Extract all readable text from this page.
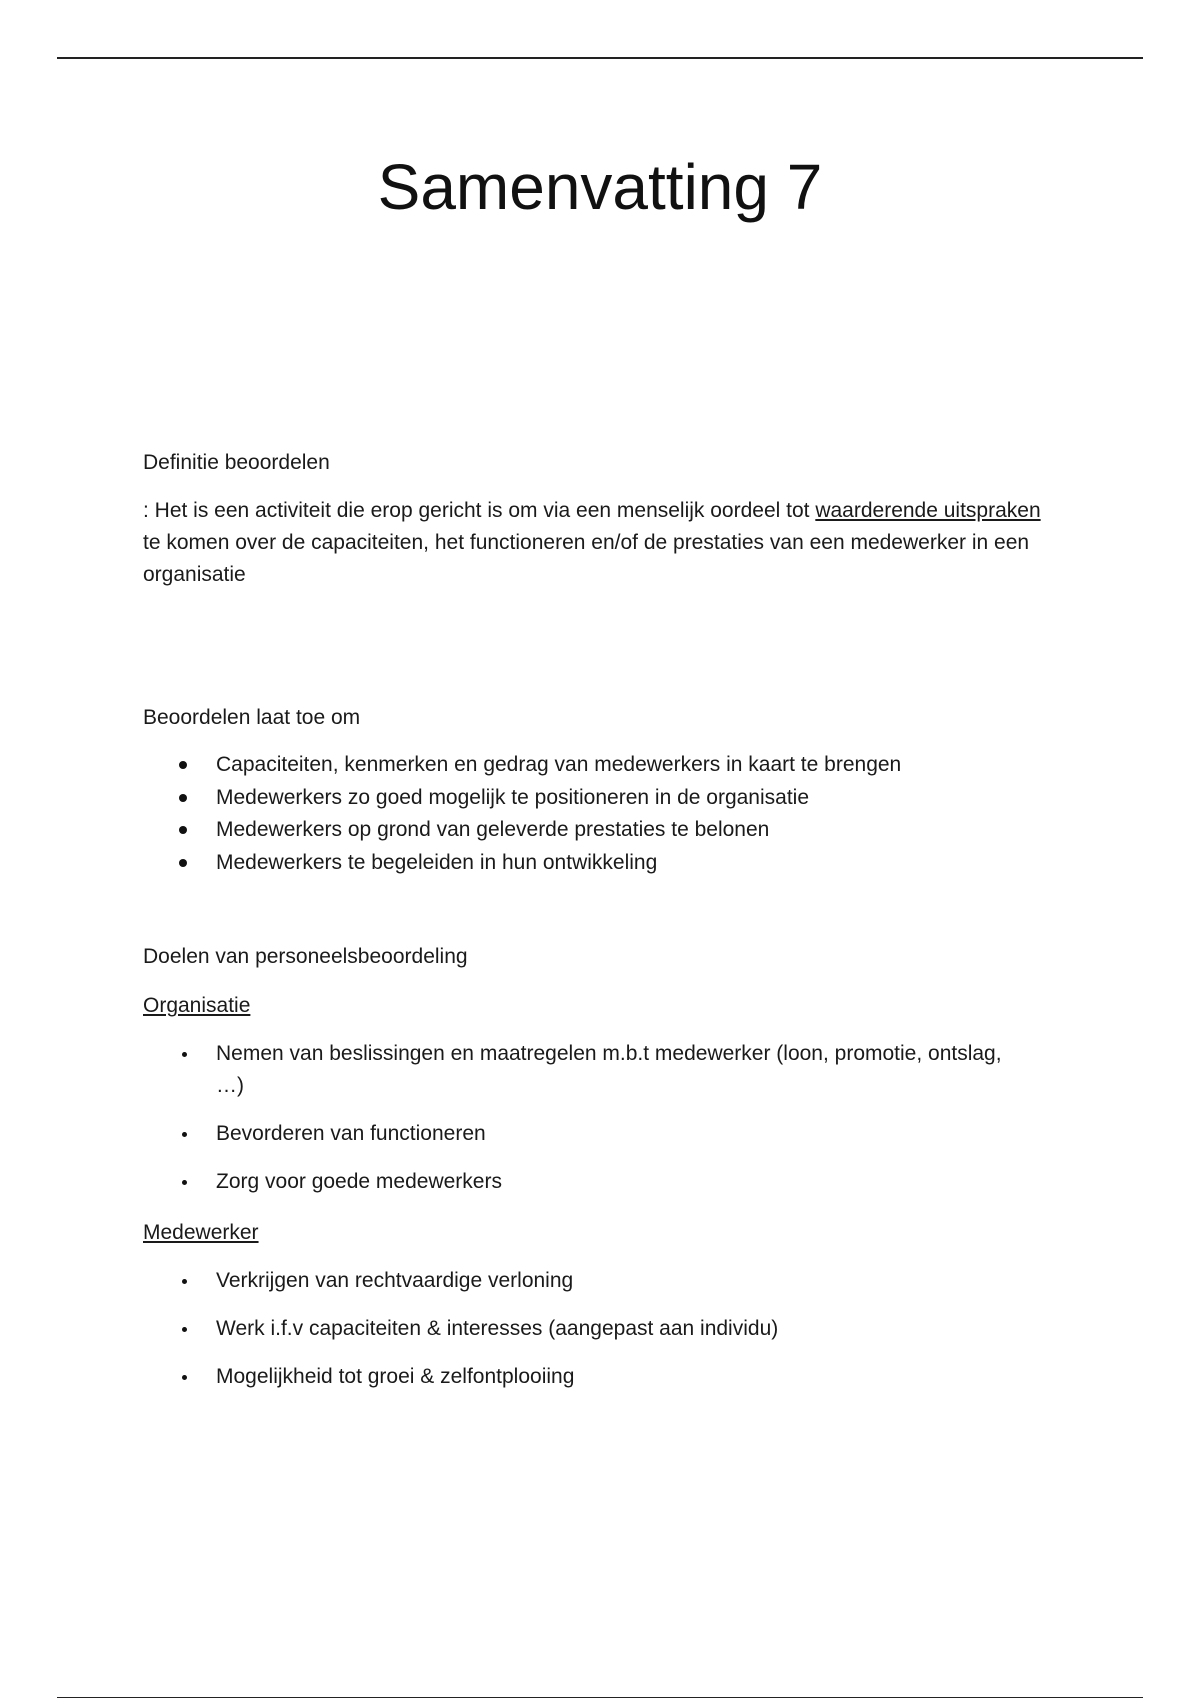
Samenvatting 7

Definitie beoordelen

: Het is een activiteit die erop gericht is om via een menselijk oordeel tot waarderende uitspraken te komen over de capaciteiten, het functioneren en/of de prestaties van een medewerker in een organisatie

Beoordelen laat toe om

Capaciteiten, kenmerken en gedrag van medewerkers in kaart te brengen
Medewerkers zo goed mogelijk te positioneren in de organisatie
Medewerkers op grond van geleverde prestaties te belonen
Medewerkers te begeleiden in hun ontwikkeling

Doelen van personeelsbeoordeling

Organisatie

Nemen van beslissingen en maatregelen m.b.t medewerker (loon, promotie, ontslag, …)
Bevorderen van functioneren
Zorg voor goede medewerkers

Medewerker

Verkrijgen van rechtvaardige verloning
Werk i.f.v capaciteiten & interesses (aangepast aan individu)
Mogelijkheid tot groei & zelfontplooiing
